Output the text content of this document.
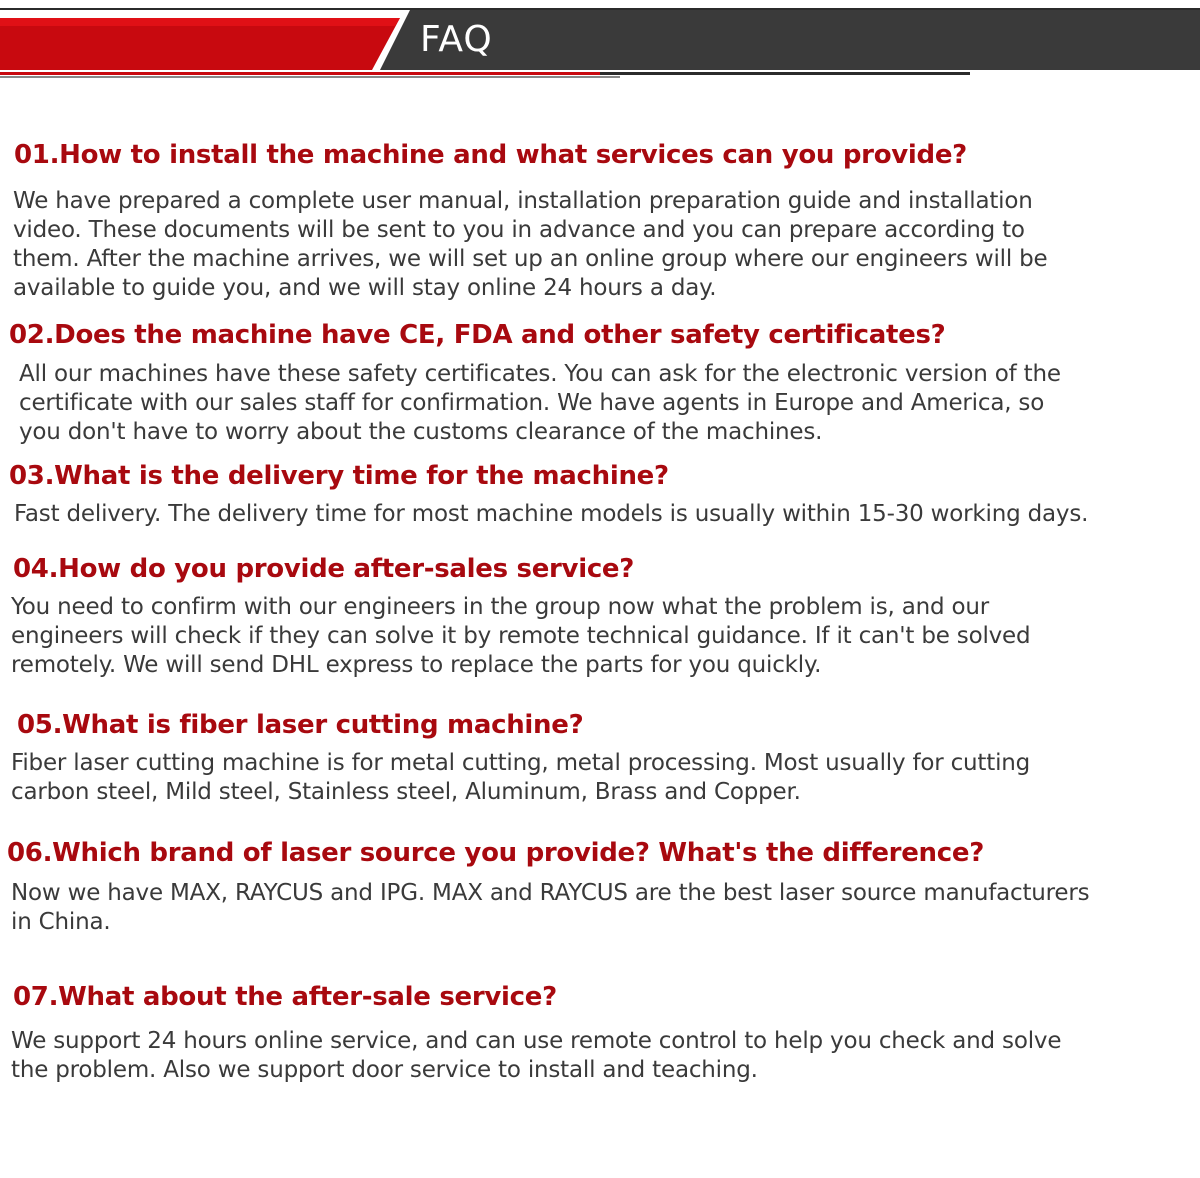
FAQ
01.How to install the machine and what services can you provide?
We have prepared a complete user manual, installation preparation guide and installation
video. These documents will be sent to you in advance and you can prepare according to
them. After the machine arrives, we will set up an online group where our engineers will be
available to guide you, and we will stay online 24 hours a day.
02.Does the machine have CE, FDA and other safety certificates?
All our machines have these safety certificates. You can ask for the electronic version of the
certificate with our sales staff for confirmation. We have agents in Europe and America, so
you don't have to worry about the customs clearance of the machines.
03.What is the delivery time for the machine?
Fast delivery. The delivery time for most machine models is usually within 15-30 working days.
04.How do you provide after-sales service?
You need to confirm with our engineers in the group now what the problem is, and our
engineers will check if they can solve it by remote technical guidance. If it can't be solved
remotely. We will send DHL express to replace the parts for you quickly.
05.What is fiber laser cutting machine?
Fiber laser cutting machine is for metal cutting, metal processing. Most usually for cutting
carbon steel, Mild steel, Stainless steel, Aluminum, Brass and Copper.
06.Which brand of laser source you provide? What's the difference?
Now we have MAX, RAYCUS and IPG. MAX and RAYCUS are the best laser source manufacturers
in China.
07.What about the after-sale service?
We support 24 hours online service, and can use remote control to help you check and solve
the problem. Also we support door service to install and teaching.
